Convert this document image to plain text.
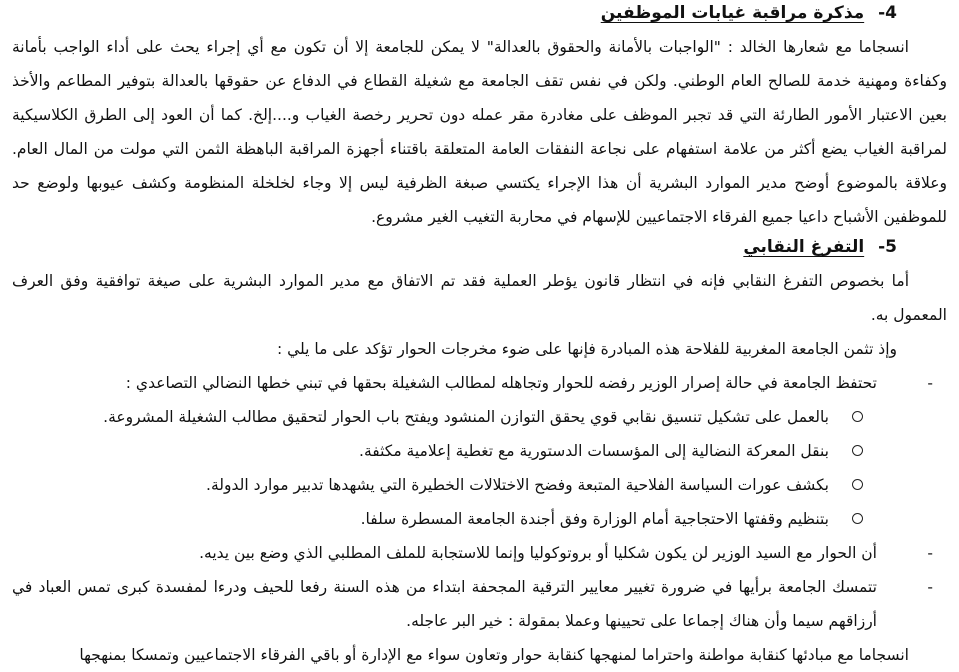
4- مذكرة مراقبة غيابات الموظفين

انسجاما مع شعارها الخالد : "الواجبات بالأمانة والحقوق بالعدالة" لا يمكن للجامعة إلا أن تكون مع أي إجراء يحث على أداء الواجب بأمانة وكفاءة ومهنية خدمة للصالح العام الوطني. ولكن في نفس تقف الجامعة مع شغيلة القطاع في الدفاع عن حقوقها بالعدالة بتوفير المطاعم والأخذ بعين الاعتبار الأمور الطارئة التي قد تجبر الموظف على مغادرة مقر عمله دون تحرير رخصة الغياب و....إلخ. كما أن العود إلى الطرق الكلاسيكية لمراقبة الغياب يضع أكثر من علامة استفهام على نجاعة النفقات العامة المتعلقة باقتناء أجهزة المراقبة الباهظة الثمن التي مولت من المال العام. وعلاقة بالموضوع أوضح مدير الموارد البشرية أن هذا الإجراء يكتسي صبغة الظرفية ليس إلا وجاء لخلخلة المنظومة وكشف عيوبها ولوضع حد للموظفين الأشباح داعيا جميع الفرقاء الاجتماعيين للإسهام في محاربة التغيب الغير مشروع.

5- التفرغ النقابي

أما بخصوص التفرغ النقابي فإنه في انتظار قانون يؤطر العملية فقد تم الاتفاق مع مدير الموارد البشرية على صيغة توافقية وفق العرف المعمول به.

وإذ تثمن الجامعة المغربية للفلاحة هذه المبادرة فإنها على ضوء مخرجات الحوار تؤكد على ما يلي :
-
تحتفظ الجامعة في حالة إصرار الوزير رفضه للحوار وتجاهله لمطالب الشغيلة بحقها في تبني خطها النضالي التصاعدي :
بالعمل على تشكيل تنسيق نقابي قوي يحقق التوازن المنشود ويفتح باب الحوار لتحقيق مطالب الشغيلة المشروعة.
بنقل المعركة النضالية إلى المؤسسات الدستورية مع تغطية إعلامية مكثفة.
بكشف عورات السياسة الفلاحية المتبعة وفضح الاختلالات الخطيرة التي يشهدها تدبير موارد الدولة.
بتنظيم وقفتها الاحتجاجية أمام الوزارة وفق أجندة الجامعة المسطرة سلفا.
-
أن الحوار مع السيد الوزير لن يكون شكليا أو بروتوكوليا وإنما للاستجابة للملف المطلبي الذي وضع بين يديه.
-
تتمسك الجامعة برأيها في ضرورة تغيير معايير الترقية المجحفة ابتداء من هذه السنة رفعا للحيف ودرءا لمفسدة كبرى تمس العباد في أرزاقهم سيما وأن هناك إجماعا على تحيينها وعملا بمقولة : خير البر عاجله.
انسجاما مع مبادئها كنقابة مواطنة واحتراما لمنهجها كنقابة حوار وتعاون سواء مع الإدارة أو باقي الفرقاء الاجتماعيين وتمسكا بمنهجها
